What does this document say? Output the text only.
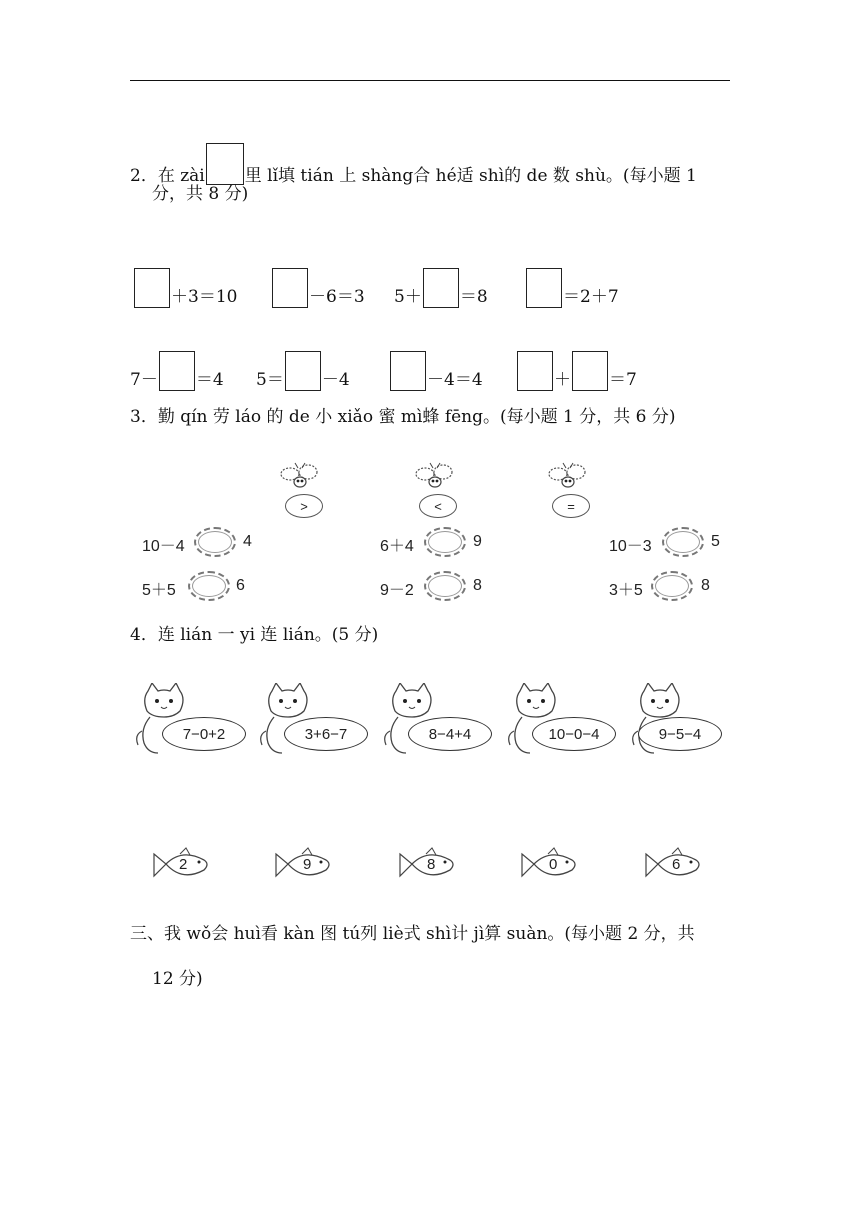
2．在 zài里 lǐ填 tián 上 shàng合 hé适 shì的 de 数 shù。(每小题 1
分，共 8 分)
＋3＝10	－6＝3 5＋ ＝8	＝2＋7
7－ ＝4 5＝ －4	－4＝4	＋ ＝7
3．勤 qín 劳 láo 的 de 小 xiǎo 蜜 mì蜂 fēng。(每小题 1 分，共 6 分)
>	<	=
10－4	4
5＋5	6
6＋4	9
9－2	8
10－3	5
3＋5	8
4．连 lián 一 yi 连 lián。(5 分)
7−0+2	3+6−7	8−4+4	10−0−4	9−5−4
2	9	8	0	6
三、我 wǒ会 huì看 kàn 图 tú列 liè式 shì计 jì算 suàn。(每小题 2 分，共
12 分)
